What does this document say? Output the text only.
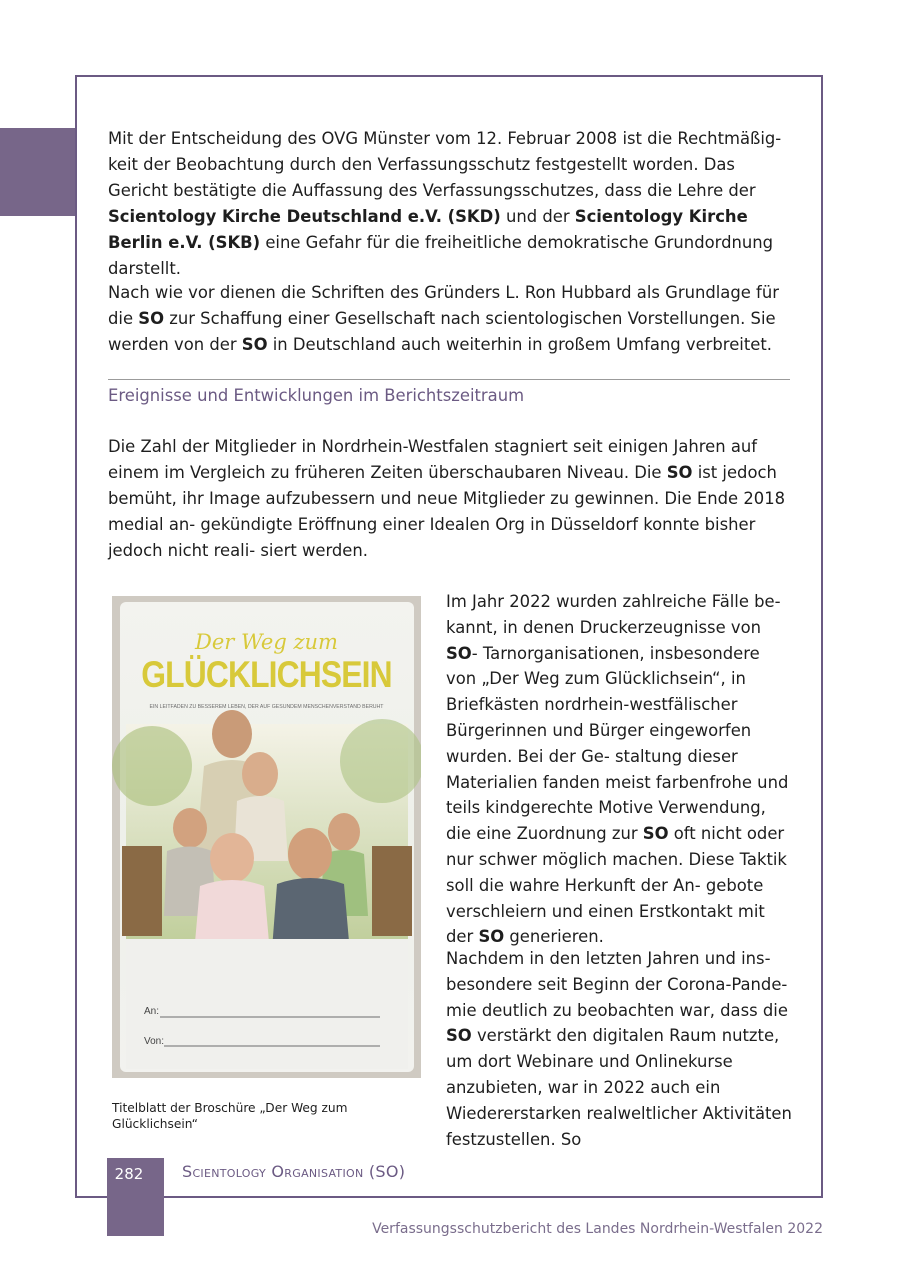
Mit der Entscheidung des OVG Münster vom 12. Februar 2008 ist die Rechtmäßig- keit der Beobachtung durch den Verfassungsschutz festgestellt worden. Das Gericht bestätigte die Auffassung des Verfassungsschutzes, dass die Lehre der Scientology Kirche Deutschland e.V. (SKD) und der Scientology Kirche Berlin e.V. (SKB) eine Gefahr für die freiheitliche demokratische Grundordnung darstellt.

Nach wie vor dienen die Schriften des Gründers L. Ron Hubbard als Grundlage für die SO zur Schaffung einer Gesellschaft nach scientologischen Vorstellungen. Sie werden von der SO in Deutschland auch weiterhin in großem Umfang verbreitet.

Ereignisse und Entwicklungen im Berichtszeitraum

Die Zahl der Mitglieder in Nordrhein-Westfalen stagniert seit einigen Jahren auf einem im Vergleich zu früheren Zeiten überschaubaren Niveau. Die SO ist jedoch bemüht, ihr Image aufzubessern und neue Mitglieder zu gewinnen. Die Ende 2018 medial an- gekündigte Eröffnung einer Idealen Org in Düsseldorf konnte bisher jedoch nicht reali- siert werden.

Der Weg zum
GLÜCKLICHSEIN
EIN LEITFADEN ZU BESSEREM LEBEN, DER AUF GESUNDEM MENSCHENVERSTAND BERUHT
An:
Von:
Titelblatt der Broschüre „Der Weg zum Glücklichsein“

Im Jahr 2022 wurden zahlreiche Fälle be- kannt, in denen Druckerzeugnisse von SO- Tarnorganisationen, insbesondere von „Der Weg zum Glücklichsein“, in Briefkästen nordrhein-westfälischer Bürgerinnen und Bürger eingeworfen wurden. Bei der Ge- staltung dieser Materialien fanden meist farbenfrohe und teils kindgerechte Motive Verwendung, die eine Zuordnung zur SO oft nicht oder nur schwer möglich machen. Diese Taktik soll die wahre Herkunft der An- gebote verschleiern und einen Erstkontakt mit der SO generieren.

Nachdem in den letzten Jahren und ins- besondere seit Beginn der Corona-Pande- mie deutlich zu beobachten war, dass die SO verstärkt den digitalen Raum nutzte, um dort Webinare und Onlinekurse anzubieten, war in 2022 auch ein Wiedererstarken realweltlicher Aktivitäten festzustellen. So

282	Scientology Organisation (SO)
Verfassungsschutzbericht des Landes Nordrhein-Westfalen 2022
